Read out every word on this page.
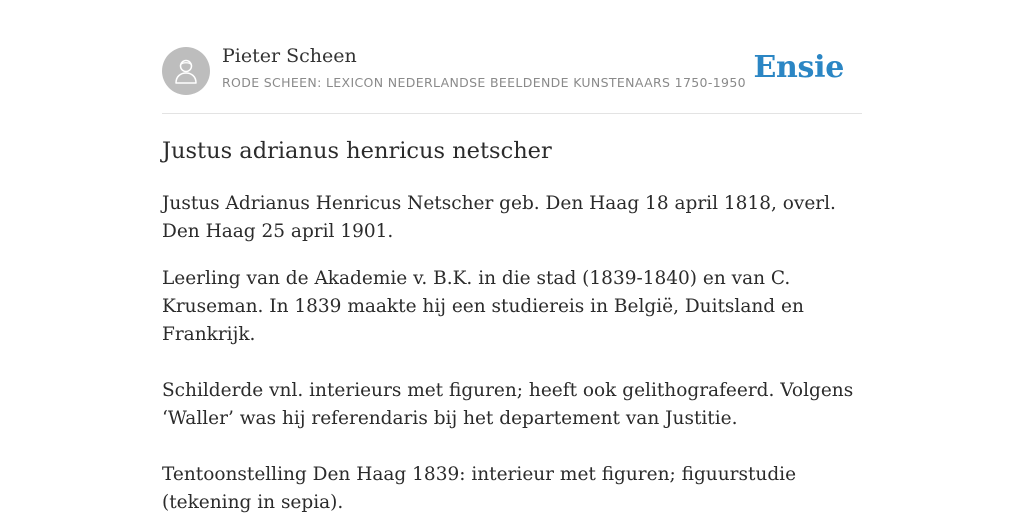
Pieter Scheen
RODE SCHEEN: LEXICON NEDERLANDSE BEELDENDE KUNSTENAARS 1750-1950 Ensie
Justus adrianus henricus netscher

Justus Adrianus Henricus Netscher geb. Den Haag 18 april 1818, overl. Den Haag 25 april 1901.

Leerling van de Akademie v. B.K. in die stad (1839-1840) en van C. Kruseman. In 1839 maakte hij een studiereis in België, Duitsland en Frankrijk.

Schilderde vnl. interieurs met figuren; heeft ook gelithografeerd. Volgens ‘Waller’ was hij referendaris bij het departement van Justitie.

Tentoonstelling Den Haag 1839: interieur met figuren; figuurstudie (tekening in sepia).
